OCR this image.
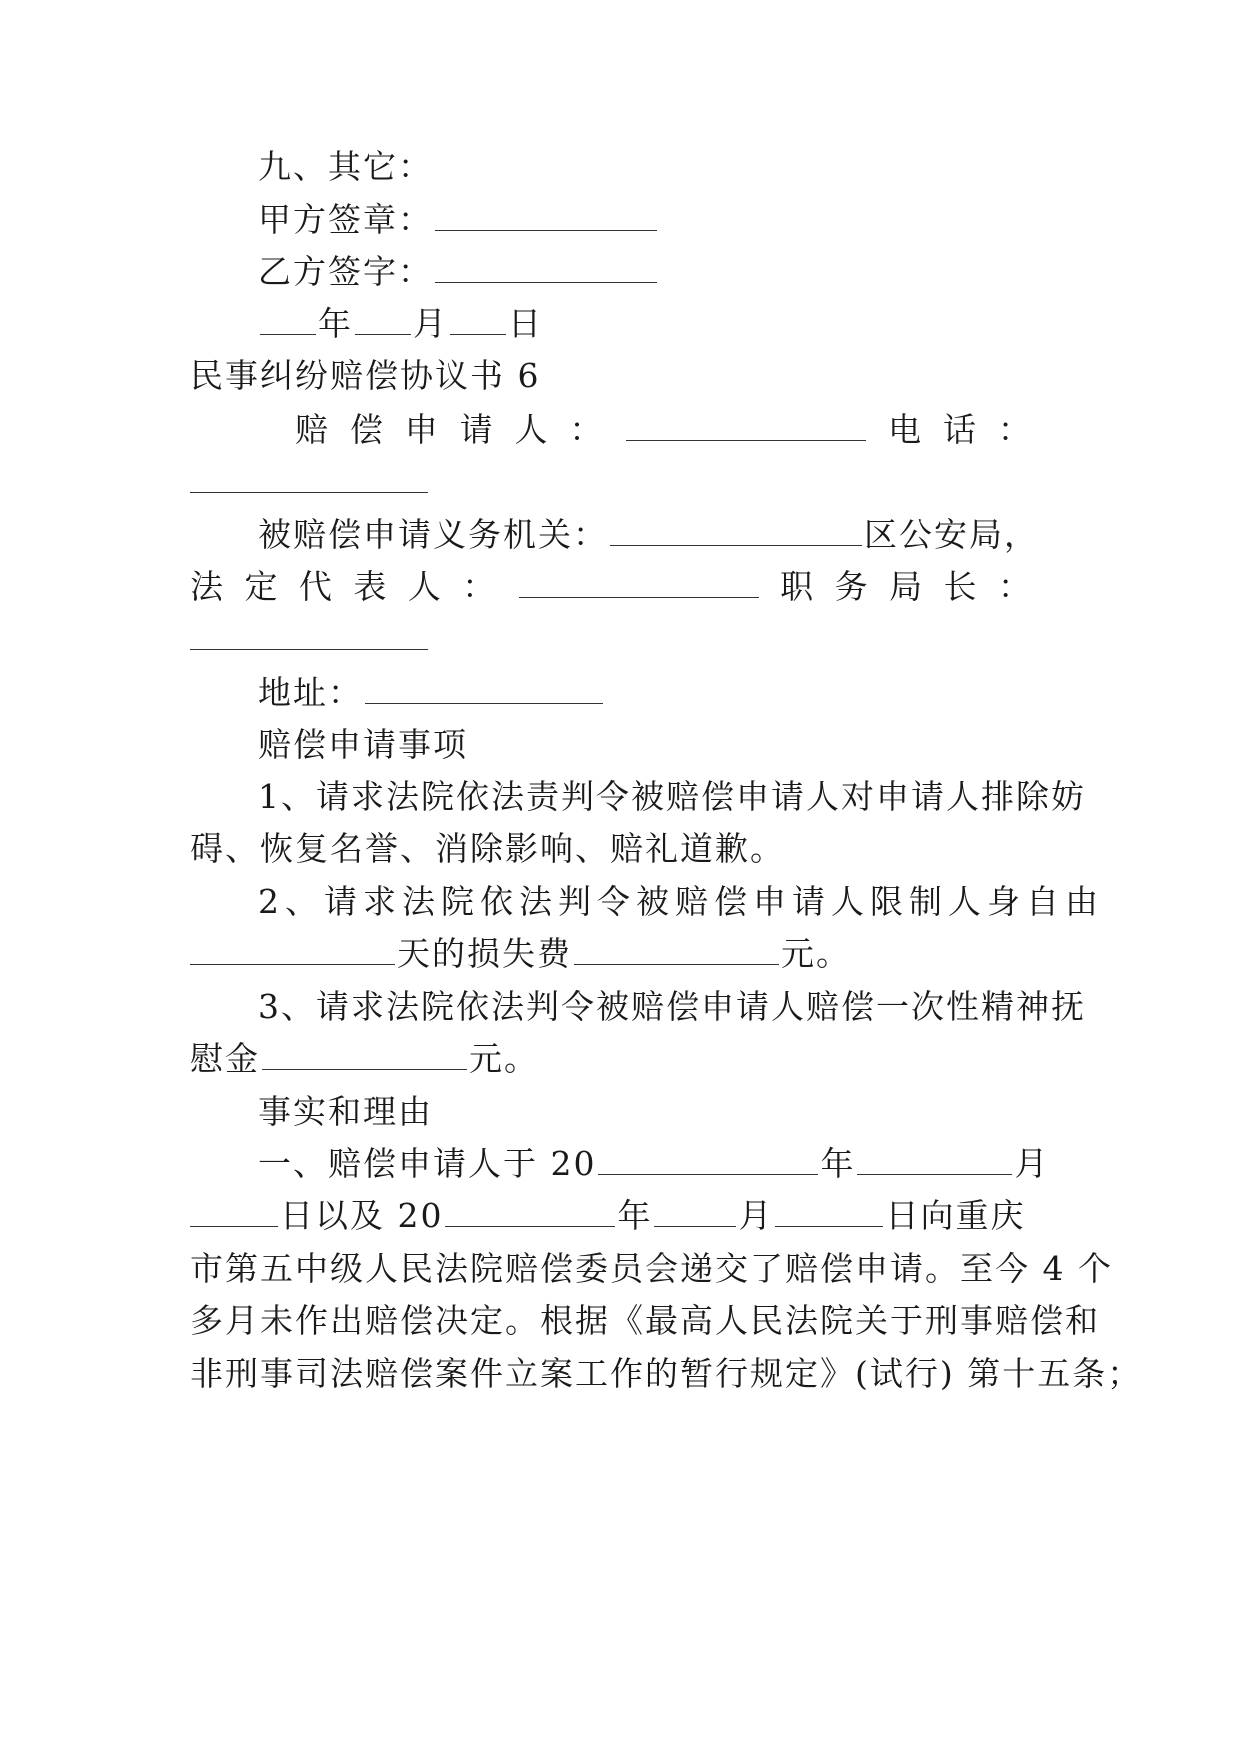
九、其它：
甲方签章：
乙方签字：
年 月 日
民事纠纷赔偿协议书 6
赔 偿 申 请 人 ：	电 话 ：
被赔偿申请义务机关：	区公安局，
法 定 代 表 人 ：	职 务 局 长 ：
地址：
赔偿申请事项
1、请求法院依法责判令被赔偿申请人对申请人排除妨
碍、恢复名誉、消除影响、赔礼道歉。
2、请求法院依法判令被赔偿申请人限制人身自由
天的损失费	元。
3、请求法院依法判令被赔偿申请人赔偿一次性精神抚
慰金	元。
事实和理由
一、赔偿申请人于 20	年	月
日以及 20	年	月	日向重庆
市第五中级人民法院赔偿委员会递交了赔偿申请。至今 4 个
多月未作出赔偿决定。根据《最高人民法院关于刑事赔偿和
非刑事司法赔偿案件立案工作的暂行规定》(试行) 第十五条；
